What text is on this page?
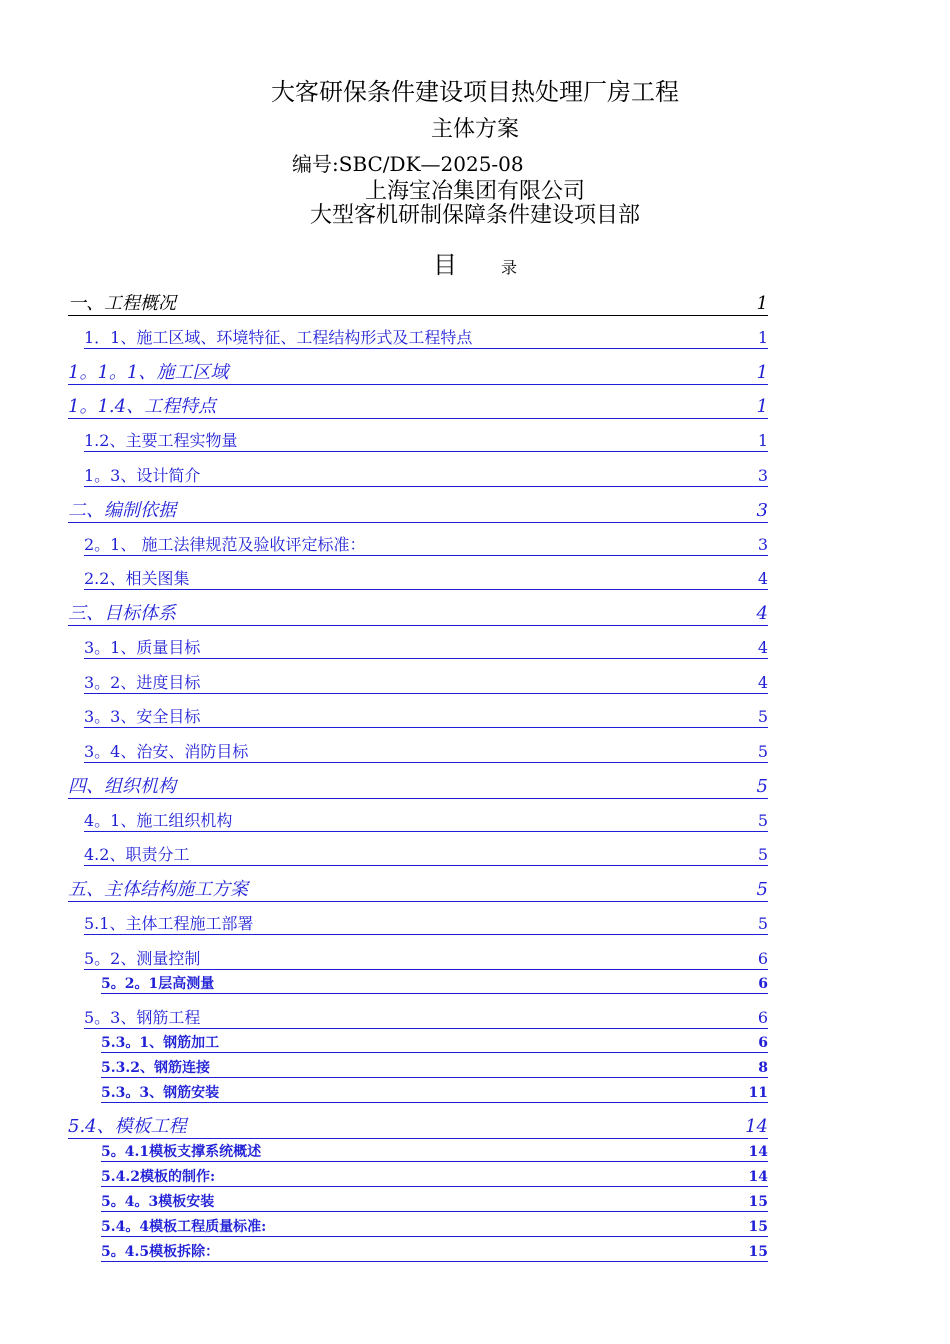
大客研保条件建设项目热处理厂房工程
主体方案
编号:SBC/DK—2025-08
上海宝冶集团有限公司
大型客机研制保障条件建设项目部
目	录
一、工程概况	1
1．1、施工区域、环境特征、工程结构形式及工程特点	1
1。1。1、施工区域	1
1。1.4、工程特点	1
1.2、主要工程实物量	1
1。3、设计简介	3
二、编制依据	3
2。1、 施工法律规范及验收评定标准：	3
2.2、相关图集	4
三、目标体系	4
3。1、质量目标	4
3。2、进度目标	4
3。3、安全目标	5
3。4、治安、消防目标	5
四、组织机构	5
4。1、施工组织机构	5
4.2、职责分工	5
五、主体结构施工方案	5
5.1、主体工程施工部署	5
5。2、测量控制	6
5。2。1层高测量	6
5。3、钢筋工程	6
5.3。1、钢筋加工	6
5.3.2、钢筋连接	8
5.3。3、钢筋安装	11
5.4、模板工程	14
5。4.1模板支撑系统概述	14
5.4.2模板的制作:	14
5。4。3模板安装	15
5.4。4模板工程质量标准:	15
5。4.5模板拆除：	15
